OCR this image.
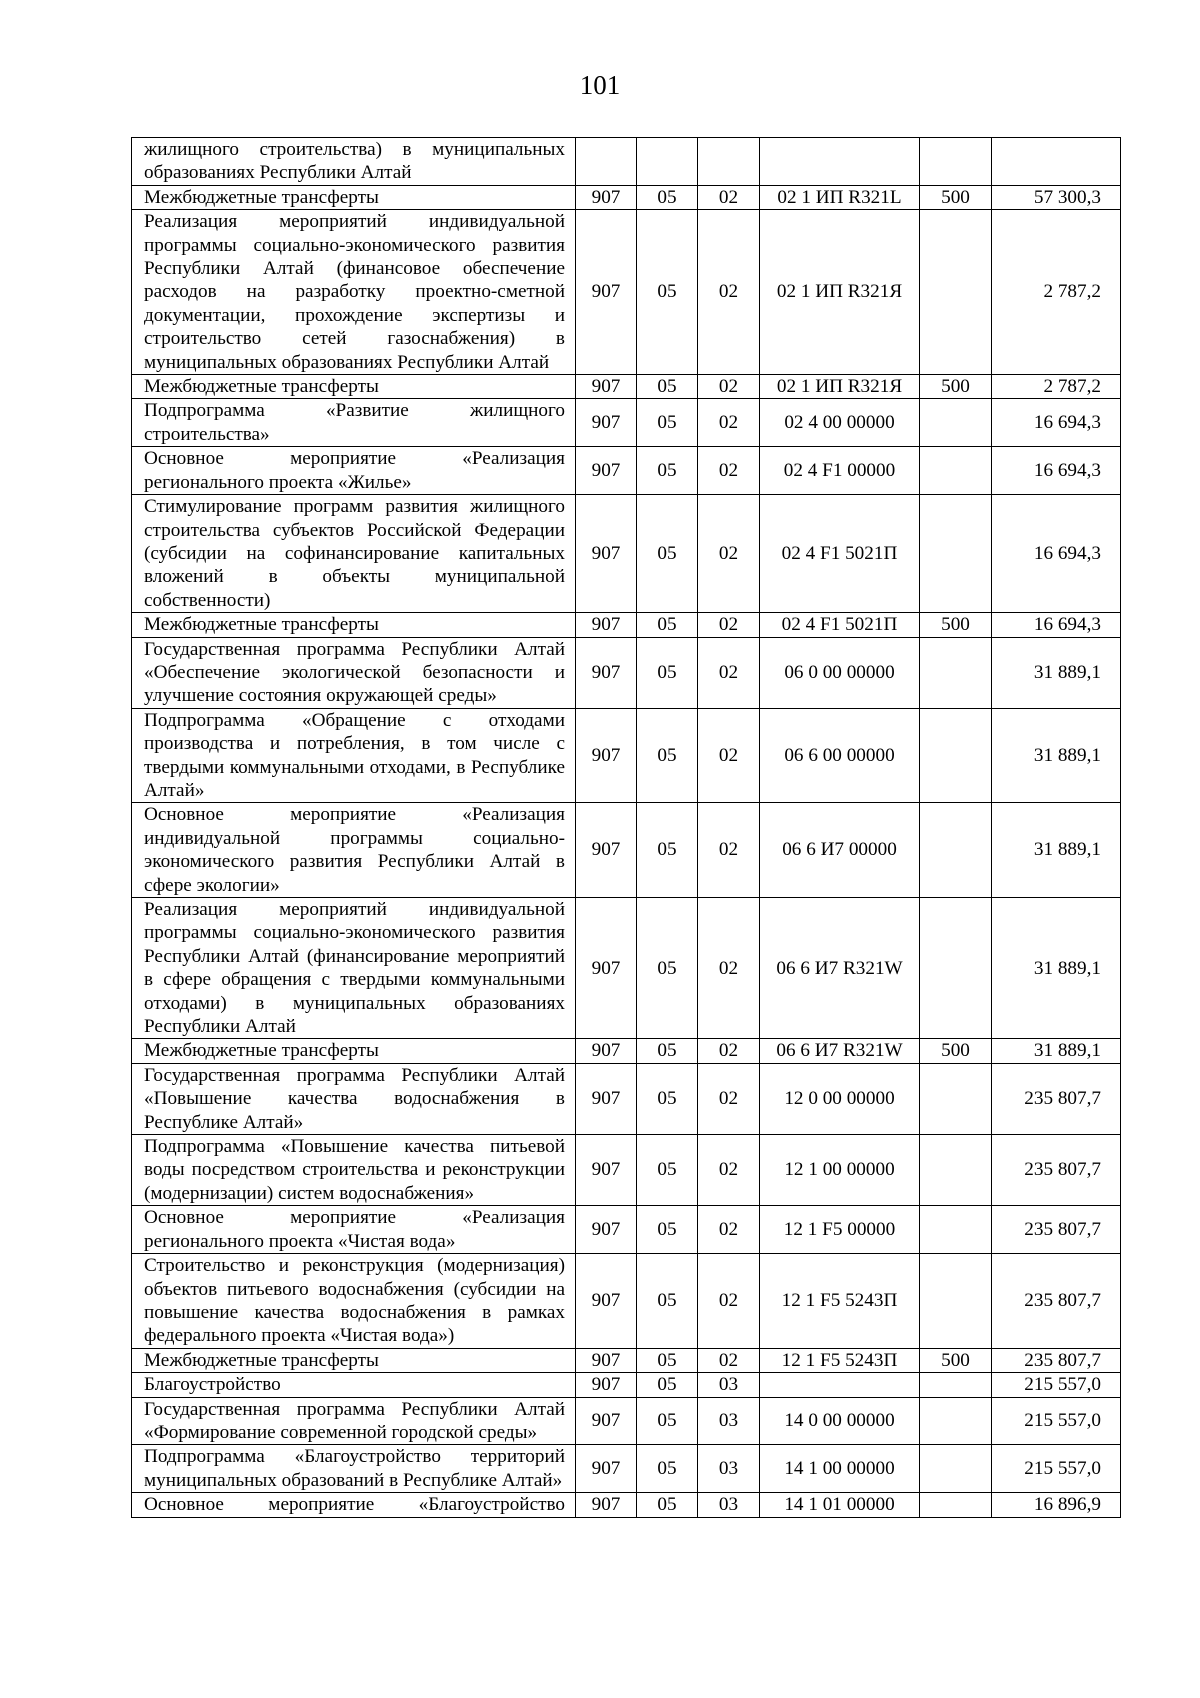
101
жилищного строительства) в муниципальных образованиях Республики Алтай						
Межбюджетные трансферты	907	05	02	02 1 ИП R321L	500	57 300,3
Реализация мероприятий индивидуальной программы социально-экономического развития Республики Алтай (финансовое обеспечение расходов на разработку проектно-сметной документации, прохождение экспертизы и строительство сетей газоснабжения) в муниципальных образованиях Республики Алтай	907	05	02	02 1 ИП R321Я		2 787,2
Межбюджетные трансферты	907	05	02	02 1 ИП R321Я	500	2 787,2
Подпрограмма «Развитие жилищного строительства»	907	05	02	02 4 00 00000		16 694,3
Основное мероприятие «Реализация регионального проекта «Жилье»	907	05	02	02 4 F1 00000		16 694,3
Стимулирование программ развития жилищного строительства субъектов Российской Федерации (субсидии на софинансирование капитальных вложений в объекты муниципальной собственности)	907	05	02	02 4 F1 5021П		16 694,3
Межбюджетные трансферты	907	05	02	02 4 F1 5021П	500	16 694,3
Государственная программа Республики Алтай «Обеспечение экологической безопасности и улучшение состояния окружающей среды»	907	05	02	06 0 00 00000		31 889,1
Подпрограмма «Обращение с отходами производства и потребления, в том числе с твердыми коммунальными отходами, в Республике Алтай»	907	05	02	06 6 00 00000		31 889,1
Основное мероприятие «Реализация индивидуальной программы социально-экономического развития Республики Алтай в сфере экологии»	907	05	02	06 6 И7 00000		31 889,1
Реализация мероприятий индивидуальной программы социально-экономического развития Республики Алтай (финансирование мероприятий в сфере обращения с твердыми коммунальными отходами) в муниципальных образованиях Республики Алтай	907	05	02	06 6 И7 R321W		31 889,1
Межбюджетные трансферты	907	05	02	06 6 И7 R321W	500	31 889,1
Государственная программа Республики Алтай «Повышение качества водоснабжения в Республике Алтай»	907	05	02	12 0 00 00000		235 807,7
Подпрограмма «Повышение качества питьевой воды посредством строительства и реконструкции (модернизации) систем водоснабжения»	907	05	02	12 1 00 00000		235 807,7
Основное мероприятие «Реализация регионального проекта «Чистая вода»	907	05	02	12 1 F5 00000		235 807,7
Строительство и реконструкция (модернизация) объектов питьевого водоснабжения (субсидии на повышение качества водоснабжения в рамках федерального проекта «Чистая вода»)	907	05	02	12 1 F5 5243П		235 807,7
Межбюджетные трансферты	907	05	02	12 1 F5 5243П	500	235 807,7
Благоустройство	907	05	03			215 557,0
Государственная программа Республики Алтай «Формирование современной городской среды»	907	05	03	14 0 00 00000		215 557,0
Подпрограмма «Благоустройство территорий муниципальных образований в Республике Алтай»	907	05	03	14 1 00 00000		215 557,0
Основное мероприятие «Благоустройство	907	05	03	14 1 01 00000		16 896,9
